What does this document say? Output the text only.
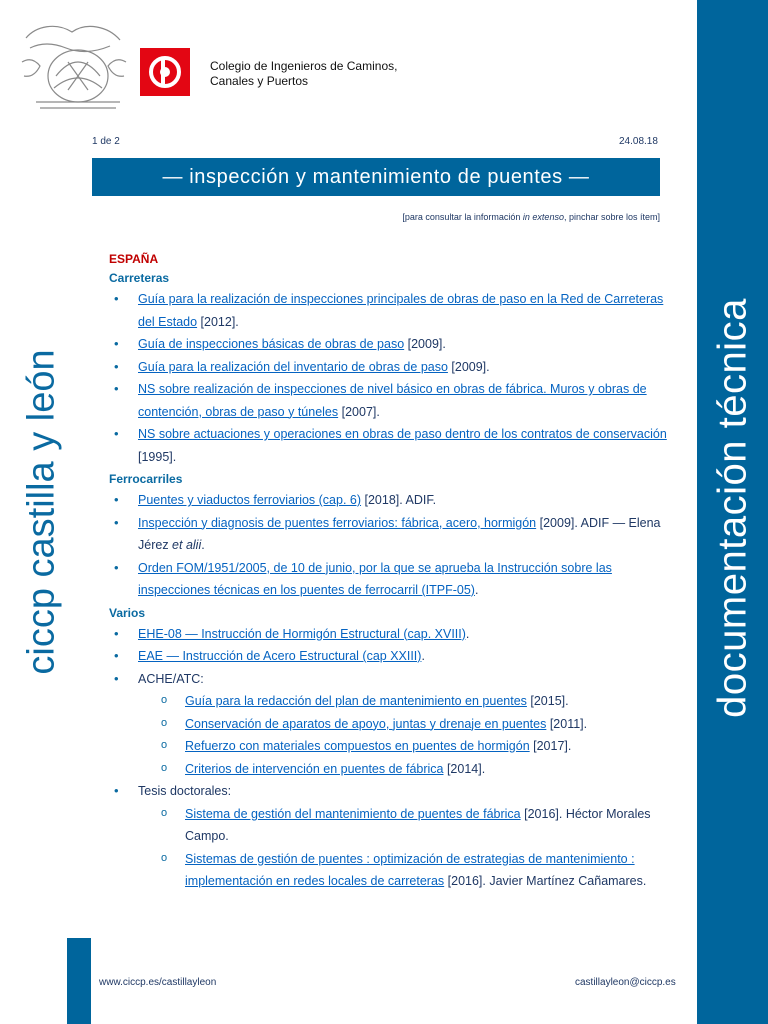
Colegio de Ingenieros de Caminos,
Canales y Puertos
1 de 2	24.08.18
— inspección y mantenimiento de puentes —
[para consultar la información in extenso, pinchar sobre los ítem]
ESPAÑA
Carreteras
• Guía para la realización de inspecciones principales de obras de paso en la Red de Carreteras del Estado [2012].
• Guía de inspecciones básicas de obras de paso [2009].
• Guía para la realización del inventario de obras de paso [2009].
• NS sobre realización de inspecciones de nivel básico en obras de fábrica. Muros y obras de contención, obras de paso y túneles [2007].
• NS sobre actuaciones y operaciones en obras de paso dentro de los contratos de conservación [1995].
Ferrocarriles
• Puentes y viaductos ferroviarios (cap. 6) [2018]. ADIF.
• Inspección y diagnosis de puentes ferroviarios: fábrica, acero, hormigón [2009]. ADIF — Elena Jérez et alii.
• Orden FOM/1951/2005, de 10 de junio, por la que se aprueba la Instrucción sobre las inspecciones técnicas en los puentes de ferrocarril (ITPF-05).
Varios
• EHE-08 — Instrucción de Hormigón Estructural (cap. XVIII).
• EAE — Instrucción de Acero Estructural (cap XXIII).
• ACHE/ATC:
o Guía para la redacción del plan de mantenimiento en puentes [2015].
o Conservación de aparatos de apoyo, juntas y drenaje en puentes [2011].
o Refuerzo con materiales compuestos en puentes de hormigón [2017].
o Criterios de intervención en puentes de fábrica [2014].
• Tesis doctorales:
o Sistema de gestión del mantenimiento de puentes de fábrica [2016]. Héctor Morales Campo.
o Sistemas de gestión de puentes : optimización de estrategias de mantenimiento : implementación en redes locales de carreteras [2016]. Javier Martínez Cañamares.
ciccp castilla y león	documentación técnica
www.ciccp.es/castillayleon	castillayleon@ciccp.es
